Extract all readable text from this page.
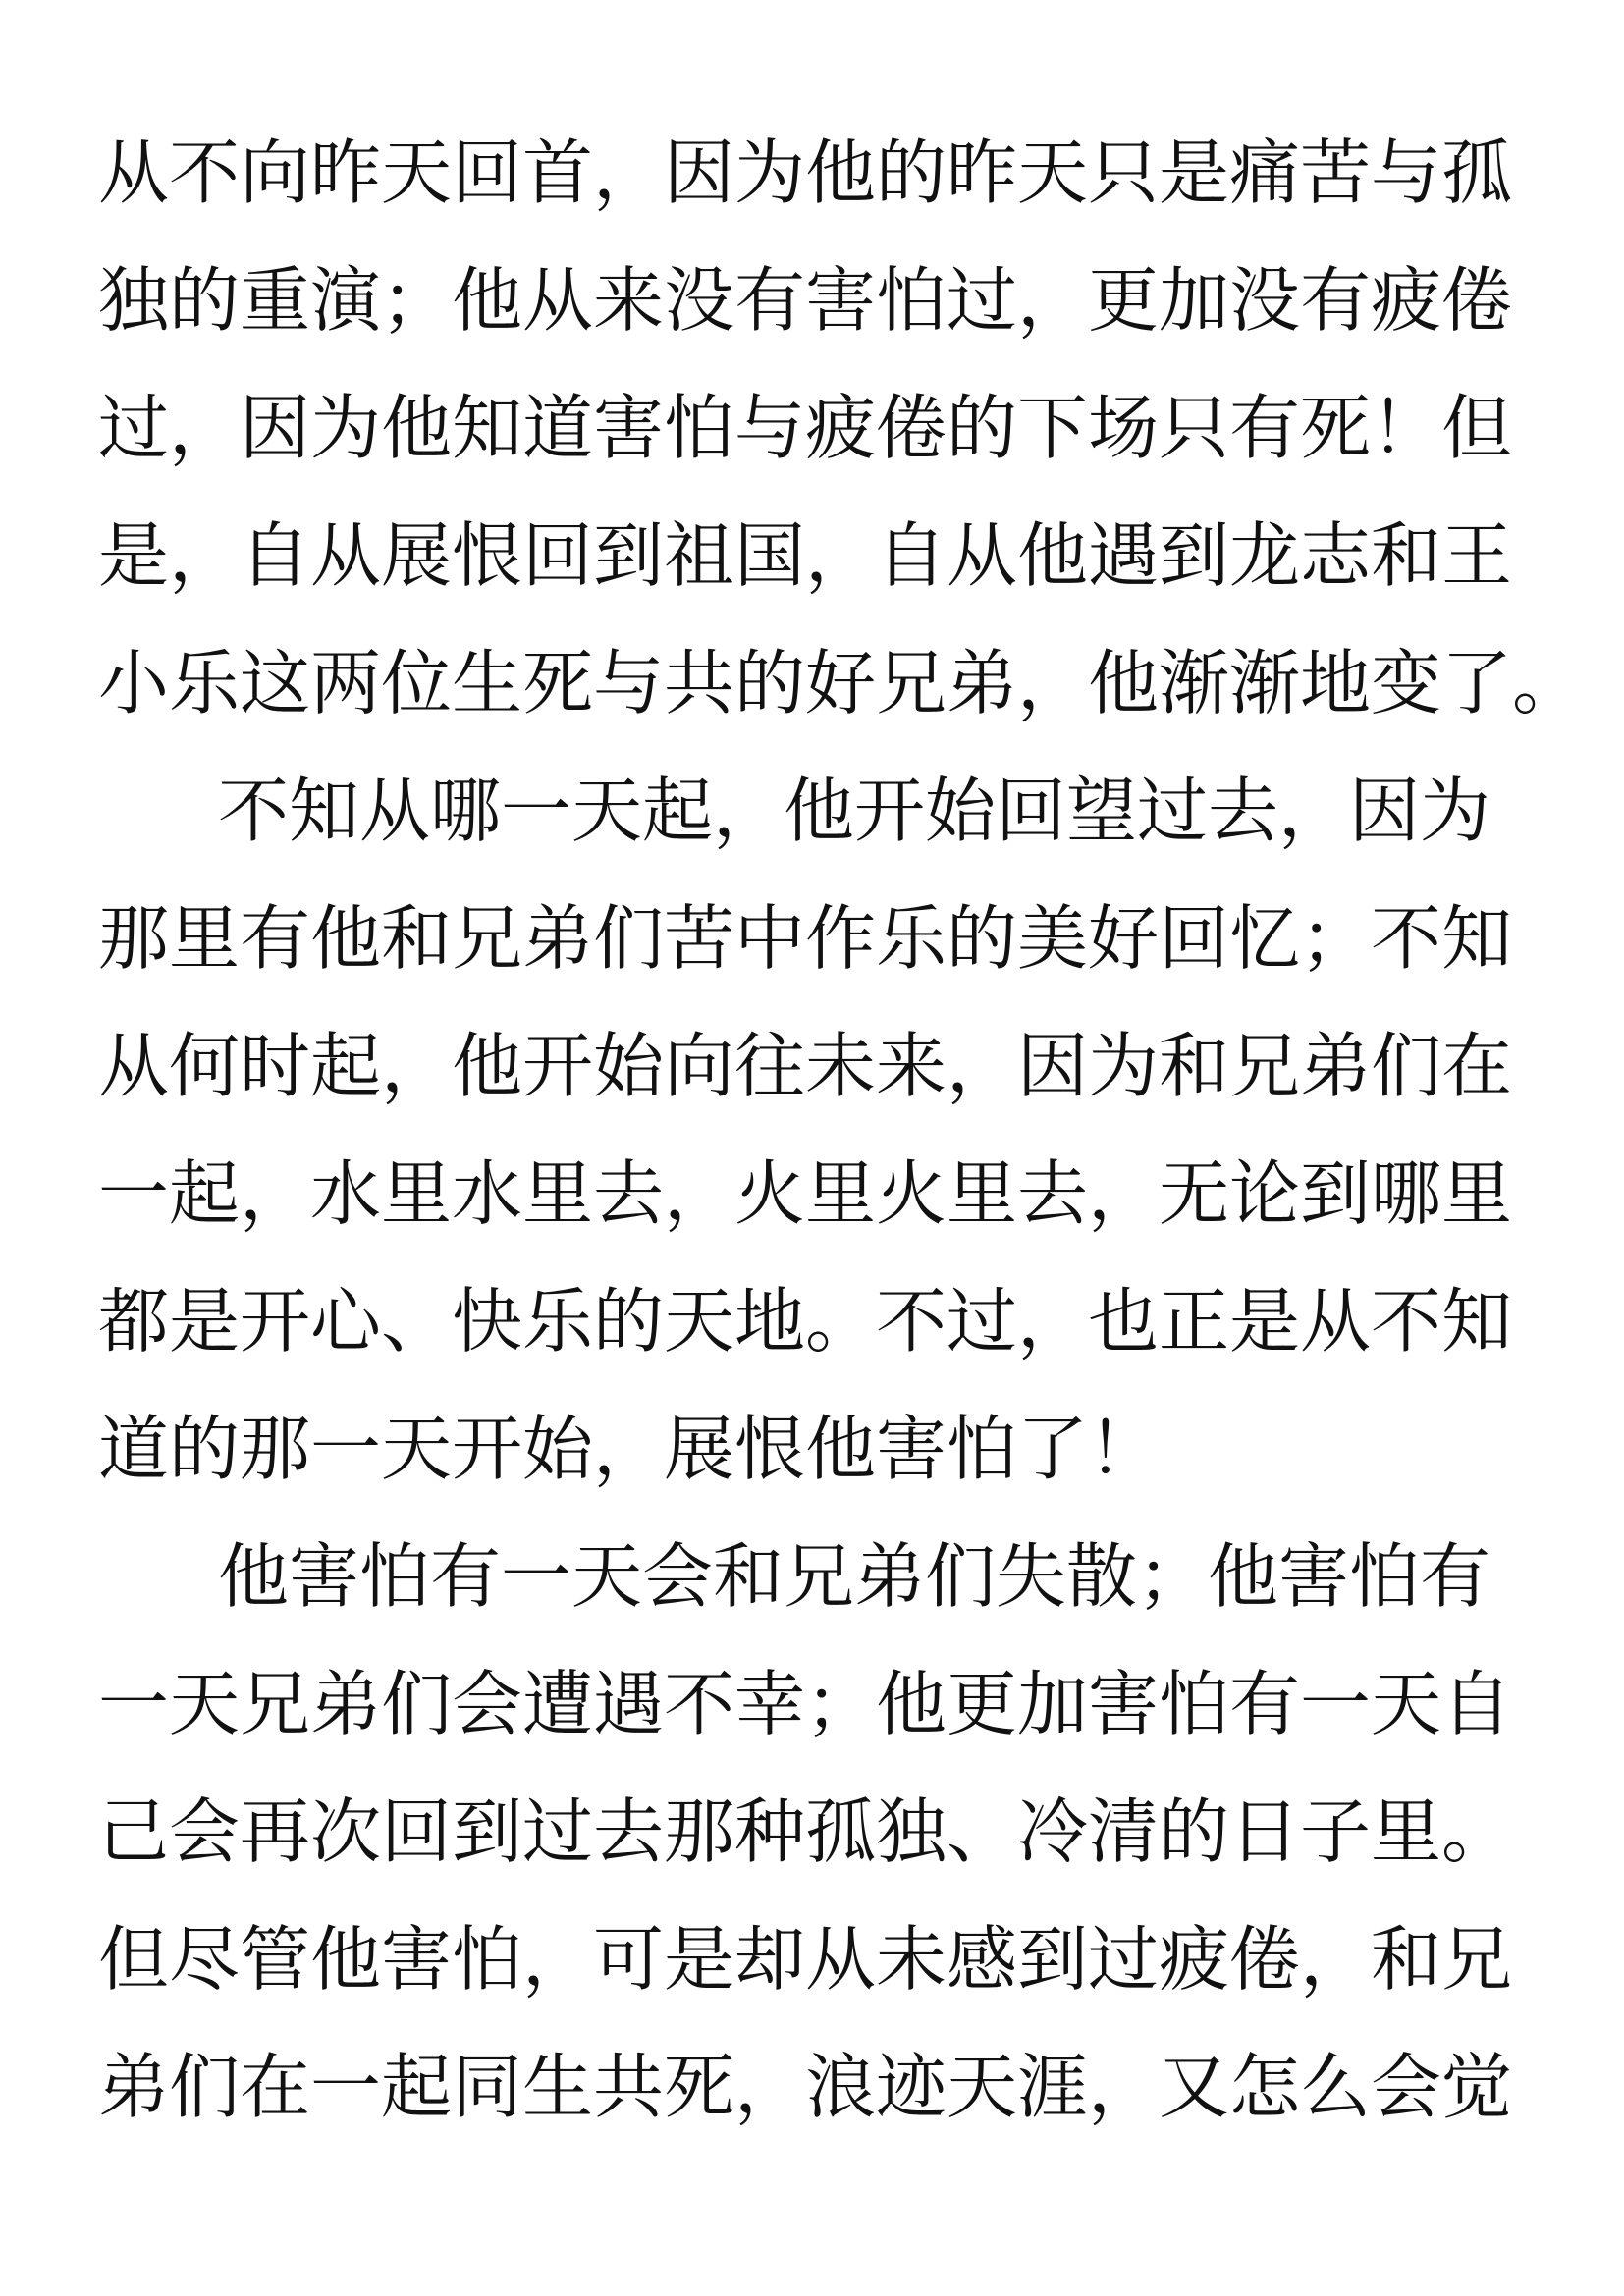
从不向昨天回首，因为他的昨天只是痛苦与孤
独的重演；他从来没有害怕过，更加没有疲倦
过，因为他知道害怕与疲倦的下场只有死！但
是，自从展恨回到祖国，自从他遇到龙志和王
小乐这两位生死与共的好兄弟，他渐渐地变了。
不知从哪一天起，他开始回望过去，因为
那里有他和兄弟们苦中作乐的美好回忆；不知
从何时起，他开始向往未来，因为和兄弟们在
一起，水里水里去，火里火里去，无论到哪里
都是开心、快乐的天地。不过，也正是从不知
道的那一天开始，展恨他害怕了！
他害怕有一天会和兄弟们失散；他害怕有
一天兄弟们会遭遇不幸；他更加害怕有一天自
己会再次回到过去那种孤独、冷清的日子里。
但尽管他害怕，可是却从未感到过疲倦，和兄
弟们在一起同生共死，浪迹天涯，又怎么会觉
